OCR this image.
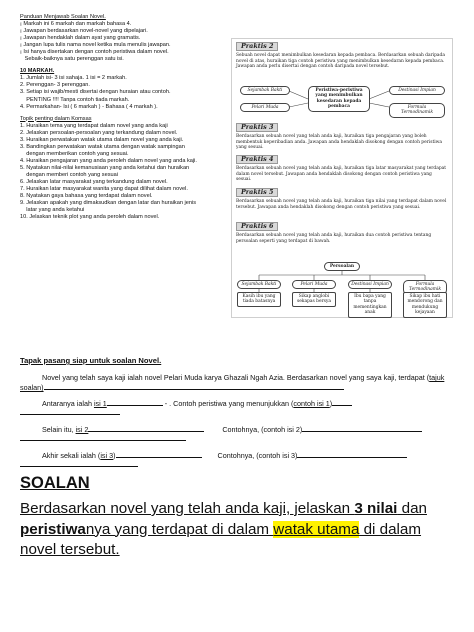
Panduan Menjawab Soalan Novel.
¡ Markah ini 6 markah dan markah bahasa 4.
¡ Jawapan berdasarkan novel-novel yang dipelajari.
¡ Jawapan hendaklah dalam ayat yang gramatis.
¡ Jangan lupa tulis nama novel ketika mula menulis jawapan.
¡ Isi hanya disertakan dengan contoh peristiwa dalam novel.
Sebaik-baiknya satu perenggan satu isi.
10 MARKAH.
1. Jumlah isi- 3 isi sahaja. 1 isi = 2 markah.
2. Perenggan- 3 perenggan.
3. Setiap isi wajib/mesti disertai dengan huraian atau contoh.
PENTING !!!! Tanpa contoh tiada markah.
4. Permarkahan- Isi ( 6 markah ) - Bahasa ( 4 markah ).
Topik penting dalam Komsas
1. Huraikan tema yang terdapat dalam novel yang anda kaji
2. Jelaskan persoalan-persoalan yang terkandung dalam novel.
3. Huraikan perwatakan watak utama dalam novel yang anda kaji.
3. Bandingkan perwatakan watak utama dengan watak sampingan
dengan memberikan contoh yang sesuai.
4. Huraikan pengajaran yang anda peroleh dalam novel yang anda kaji.
5. Nyatakan nilai-nilai kemanusiaan yang anda ketahui dan huraikan
dengan memberi contoh yang sesuai
6. Jelaskan latar masyarakat yang terkandung dalam novel.
7. Huraikan latar masyarakat wanita yang dapat dilihat dalam novel.
8. Nyatakan gaya bahasa yang terdapat dalam novel.
9. Jelaskan apakah yang dimaksudkan dengan latar dan huraikan jenis
latar yang anda ketahui
10. Jelaskan teknik plot yang anda peroleh dalam novel.
Praktis 2
Sebuah novel dapat menimbulkan kesedaran kepada pembaca. Berdasarkan sebuah daripada novel di atas, huraikan tiga contoh peristiwa yang menimbulkan kesedaran kepada pembaca. Jawapan anda perlu disertai dengan contoh daripada novel tersebut.
Sejambak Bakti
Pelari Muda
Peristiwa-peristiwa yang menimbulkan kesedaran kepada pembaca
Destinasi Impian
Formula Termodinamik
Praktis 3
Berdasarkan sebuah novel yang telah anda kaji, huraikan tiga pengajaran yang boleh membentuk keperibadian anda. Jawapan anda hendaklah disokong dengan contoh peristiwa yang sesuai.
Praktis 4
Berdasarkan sebuah novel yang telah anda kaji, huraikan tiga latar masyarakat yang terdapat dalam novel tersebut. Jawapan anda hendaklah disokong dengan contoh peristiwa yang sesuai.
Praktis 5
Berdasarkan sebuah novel yang telah anda kaji, huraikan tiga nilai yang terdapat dalam novel tersebut. Jawapan anda hendaklah disokong dengan contoh peristiwa yang sesuai.
Praktis 6
Berdasarkan sebuah novel yang telah anda kaji, huraikan dua contoh peristiwa tentang persoalan seperti yang terdapat di bawah.
Persoalan
Sejambak Bakti	Pelari Muda	Destinasi Impian	Formula Termodinamik
Kasih ibu yang tiada batasnya
Sikap anglobi sekapas bersya
Ibu bapa yang tanpa mementingkan anak
Sikap ibu hati mendorong dan mendukung kejayaan
Tapak pasang siap untuk soalan Novel.
Novel yang telah saya kaji ialah novel Pelari Muda karya Ghazali Ngah Azia. Berdasarkan novel yang saya kaji, terdapat (tajuk
soalan)
Antaranya ialah isi 1	- . Contoh peristiwa yang menunjukkan (contoh isi 1)
Selain itu, isi 2	Contohnya, (contoh isi 2)
Akhir sekali ialah (isi 3)	Contohnya, (contoh isi 3)
SOALAN
Berdasarkan novel yang telah anda kaji, jelaskan 3 nilai dan peristiwanya yang terdapat di dalam watak utama di dalam novel tersebut.
